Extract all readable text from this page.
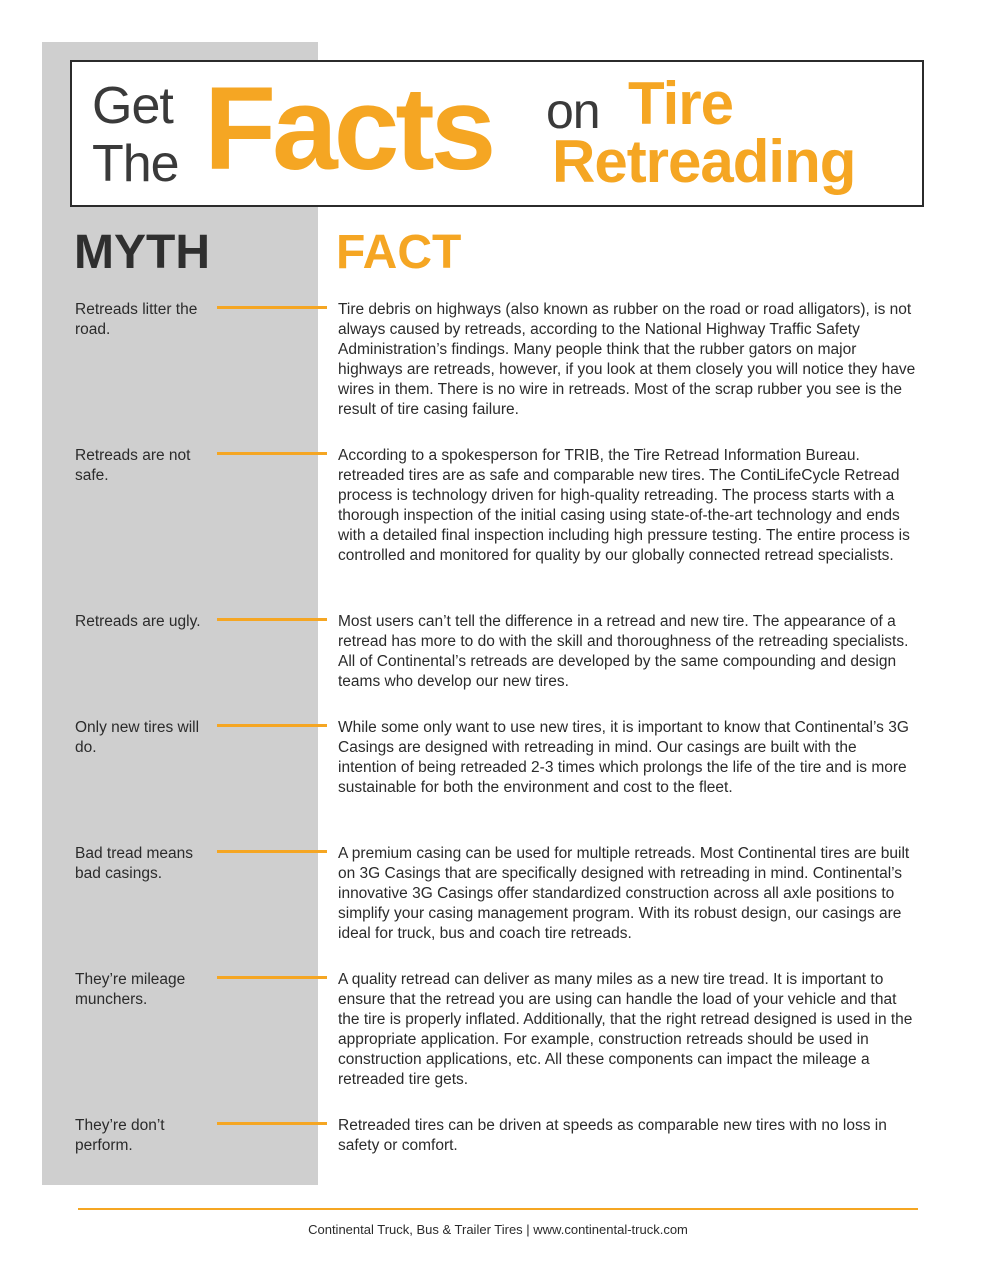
Get
The Facts on Tire
Retreading
MYTH	FACT
Retreads litter the road.
Tire debris on highways (also known as rubber on the road or road alligators), is not always caused by retreads, according to the National Highway Traffic Safety Administration’s findings. Many people think that the rubber gators on major highways are retreads, however, if you look at them closely you will notice they have wires in them. There is no wire in retreads. Most of the scrap rubber you see is the result of tire casing failure.
Retreads are not safe.
According to a spokesperson for TRIB, the Tire Retread Information Bureau. retreaded tires are as safe and comparable new tires. The ContiLifeCycle Retread process is technology driven for high-quality retreading. The process starts with a thorough inspection of the initial casing using state-of-the-art technology and ends with a detailed final inspection including high pressure testing. The entire process is controlled and monitored for quality by our globally connected retread specialists.
Retreads are ugly.	Most users can’t tell the difference in a retread and new tire. The appearance of a retread has more to do with the skill and thoroughness of the retreading specialists. All of Continental’s retreads are developed by the same compounding and design teams who develop our new tires.
Only new tires will do.
While some only want to use new tires, it is important to know that Continental’s 3G Casings are designed with retreading in mind. Our casings are built with the intention of being retreaded 2-3 times which prolongs the life of the tire and is more sustainable for both the environment and cost to the fleet.
Bad tread means bad casings.
A premium casing can be used for multiple retreads. Most Continental tires are built on 3G Casings that are specifically designed with retreading in mind. Continental’s innovative 3G Casings offer standardized construction across all axle positions to simplify your casing management program. With its robust design, our casings are ideal for truck, bus and coach tire retreads.
They’re mileage munchers.
A quality retread can deliver as many miles as a new tire tread. It is important to ensure that the retread you are using can handle the load of your vehicle and that the tire is properly inflated. Additionally, that the right retread designed is used in the appropriate application. For example, construction retreads should be used in construction applications, etc. All these components can impact the mileage a retreaded tire gets.
They’re don’t perform.
Retreaded tires can be driven at speeds as comparable new tires with no loss in safety or comfort.
Continental Truck, Bus & Trailer Tires | www.continental-truck.com
